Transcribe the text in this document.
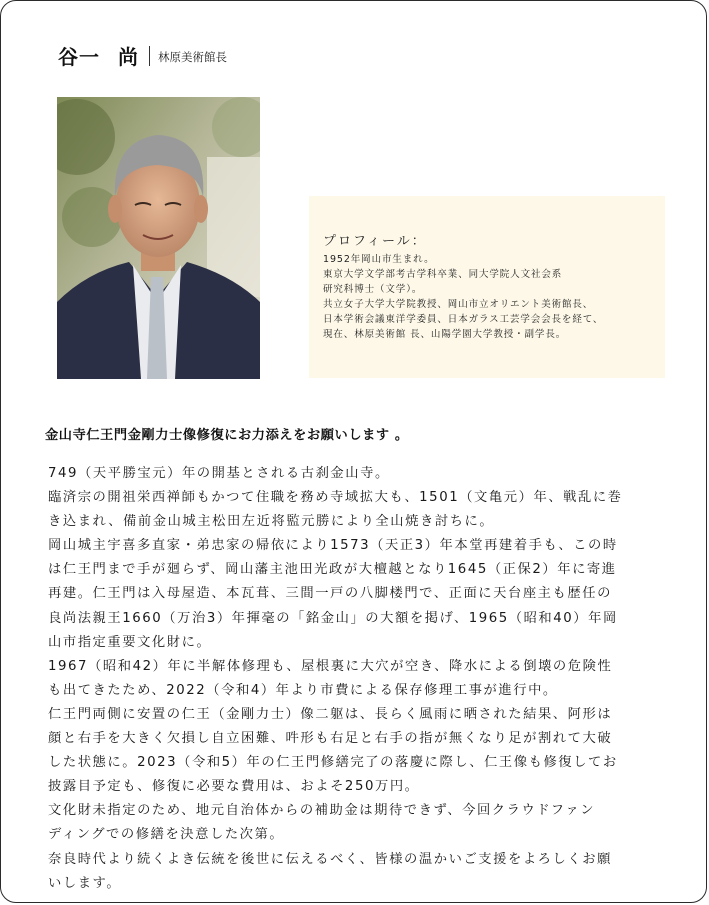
谷一 尚 林原美術館長
プロフィール：
1952年岡山市生まれ。
東京大学文学部考古学科卒業、同大学院人文社会系
研究科博士（文学）。
共立女子大学大学院教授、岡山市立オリエント美術館長、
日本学術会議東洋学委員、日本ガラス工芸学会会長を経て、
現在、林原美術館 長、山陽学園大学教授・副学長。
金山寺仁王門金剛力士像修復にお力添えをお願いします 。
749（天平勝宝元）年の開基とされる古刹金山寺。
臨済宗の開祖栄西禅師もかつて住職を務め寺域拡大も、1501（文亀元）年、戦乱に巻
き込まれ、備前金山城主松田左近将監元勝により全山焼き討ちに。
岡山城主宇喜多直家・弟忠家の帰依により1573（天正3）年本堂再建着手も、この時
は仁王門まで手が廻らず、岡山藩主池田光政が大檀越となり1645（正保2）年に寄進
再建。仁王門は入母屋造、本瓦葺、三間一戸の八脚楼門で、正面に天台座主も歴任の
良尚法親王1660（万治3）年揮毫の「銘金山」の大額を掲げ、1965（昭和40）年岡
山市指定重要文化財に。
1967（昭和42）年に半解体修理も、屋根裏に大穴が空き、降水による倒壊の危険性
も出てきたため、2022（令和4）年より市費による保存修理工事が進行中。
仁王門両側に安置の仁王（金剛力士）像二躯は、長らく風雨に晒された結果、阿形は
顔と右手を大きく欠損し自立困難、吽形も右足と右手の指が無くなり足が割れて大破
した状態に。2023（令和5）年の仁王門修繕完了の落慶に際し、仁王像も修復してお
披露目予定も、修復に必要な費用は、およそ250万円。
文化財未指定のため、地元自治体からの補助金は期待できず、今回クラウドファン
ディングでの修繕を決意した次第。
奈良時代より続くよき伝統を後世に伝えるべく、皆様の温かいご支援をよろしくお願
いします。
